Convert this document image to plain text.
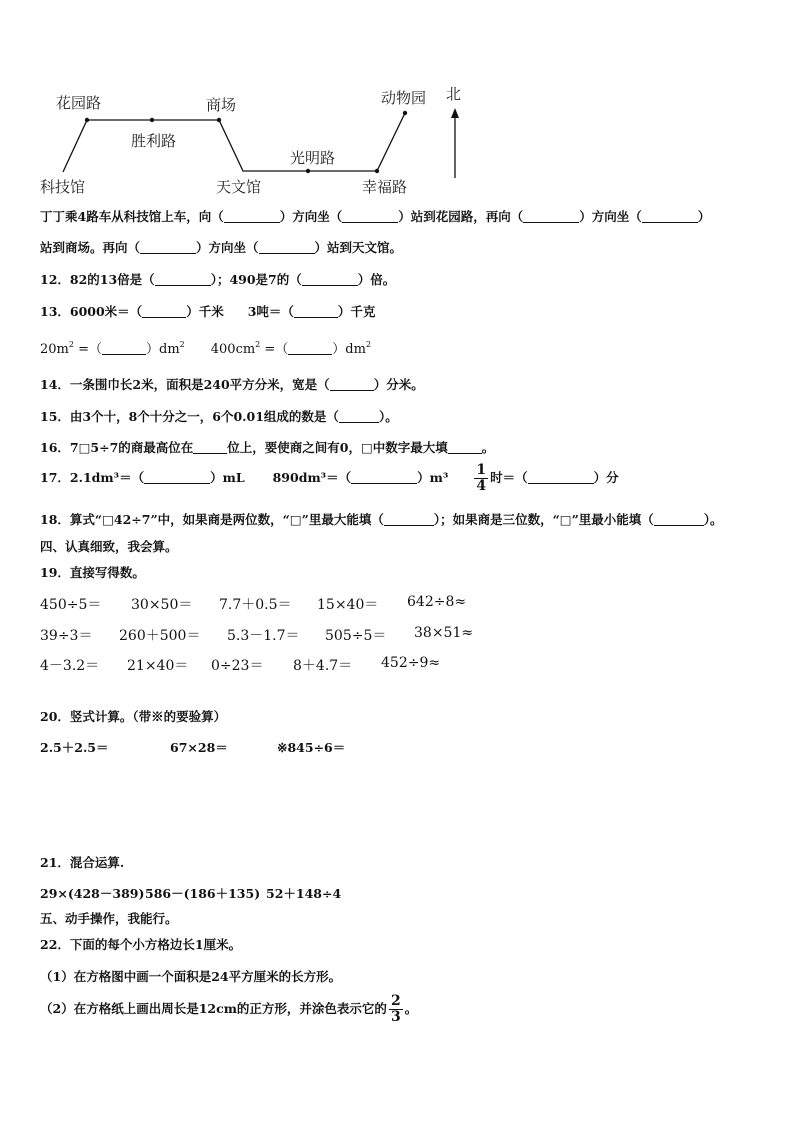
科技馆
花园路
胜利路
商场
天文馆
光明路
幸福路
动物园 北
丁丁乘4路车从科技馆上车，向（	）方向坐（	）站到花园路，再向（	）方向坐（	）
站到商场。再向（	）方向坐（	）站到天文馆。
12．82的13倍是（	）；490是7的（	）倍。
13．6000米＝（	）千米 3吨＝（	）千克
$20m^2$ =（	）$dm^2$ $400cm^2$ =（	）$dm^2$
14．一条围巾长2米，面积是240平方分米，宽是（	）分米。
15．由3个十，8个十分之一，6个0.01组成的数是（	）。
16．7□5÷7的商最高位在	位上，要使商之间有0，□中数字最大填	。
17．2.1dm³＝（	）mL 890dm³＝（	）$m^3 \frac{1}{4}$ 时＝（	）分
18．算式“□42÷7”中，如果商是两位数，“□”里最大能填（	）；如果商是三位数，“□”里最小能填（	）。
四、认真细致，我会算。
19．直接写得数。
450÷5＝ 30×50＝ 7.7＋0.5＝ 15×40＝ 642÷8≈
39÷3＝ 260＋500＝ 5.3－1.7＝ 505÷5＝ 38×51≈
4－3.2＝ 21×40＝ 0÷23＝ 8＋4.7＝ 452÷9≈
20．竖式计算。（带※的要验算）
2.5＋2.5＝	67×28＝	※845÷6＝
21．混合运算.
29×(428－389) 586－(186＋135) 52＋148÷4
五、动手操作，我能行。
22．下面的每个小方格边长1厘米。
（1）在方格图中画一个面积是24平方厘米的长方形。
（2）在方格纸上画出周长是12cm的正方形，并涂色表示它的 $\frac{2}{3}$ 。
